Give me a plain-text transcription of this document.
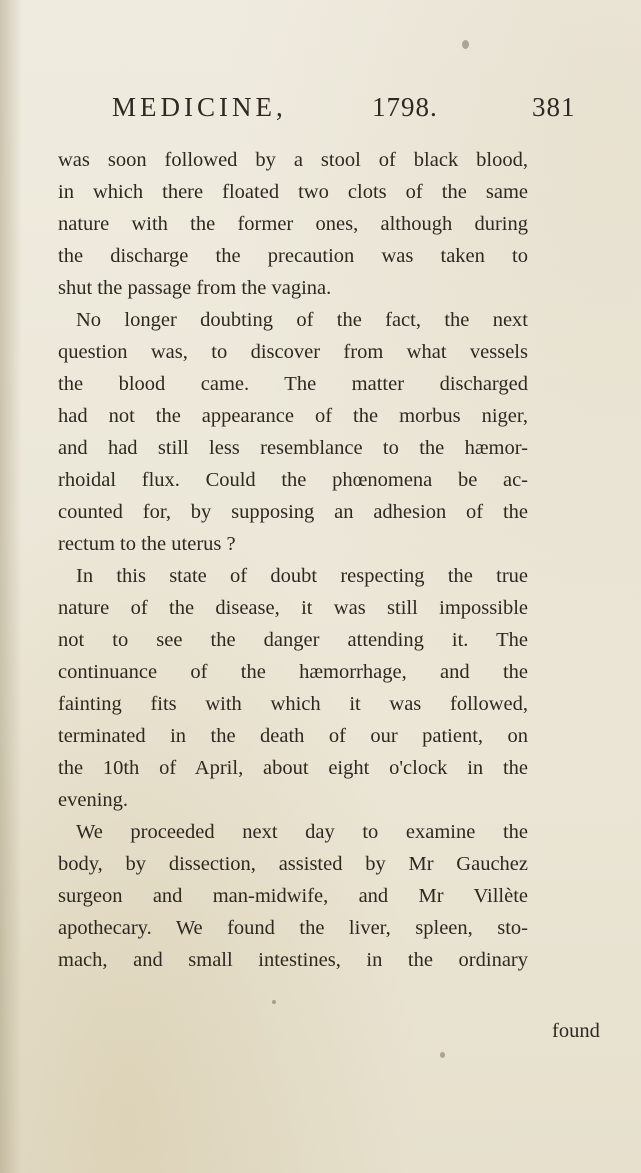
MEDICINE,	1798.	381
was soon followed by a stool of black blood,
in which there floated two clots of the same
nature with the former ones, although during
the discharge the precaution was taken to
shut the passage from the vagina.
No longer doubting of the fact, the next
question was, to discover from what vessels
the blood came. The matter discharged
had not the appearance of the morbus niger,
and had still less resemblance to the hæmor-
rhoidal flux. Could the phœnomena be ac-
counted for, by supposing an adhesion of the
rectum to the uterus ?
In this state of doubt respecting the true
nature of the disease, it was still impossible
not to see the danger attending it. The
continuance of the hæmorrhage, and the
fainting fits with which it was followed,
terminated in the death of our patient, on
the 10th of April, about eight o'clock in the
evening.
We proceeded next day to examine the
body, by dissection, assisted by Mr Gauchez
surgeon and man-midwife, and Mr Villète
apothecary. We found the liver, spleen, sto-
mach, and small intestines, in the ordinary
found
